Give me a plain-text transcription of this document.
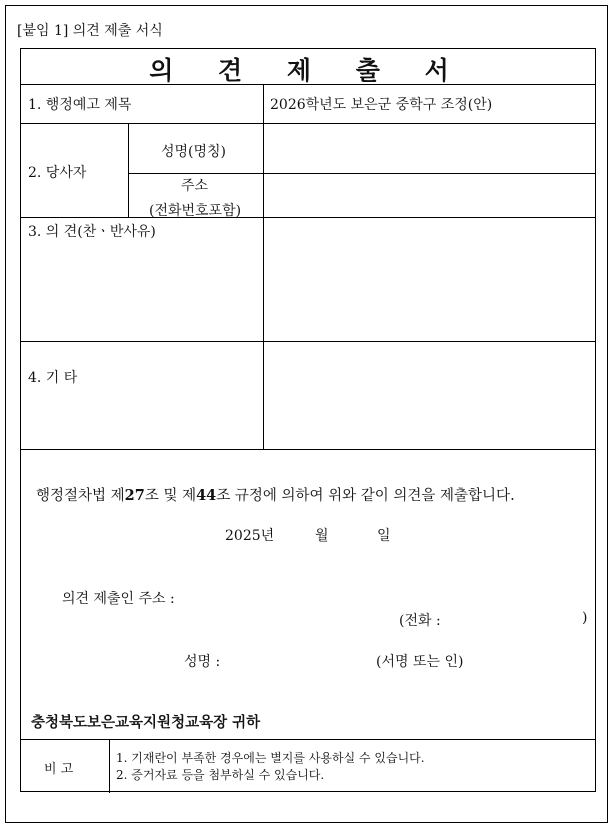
[붙임 1] 의견 제출 서식
의 견 제 출 서
1. 행정예고 제목	2026학년도 보은군 중학구 조정(안)
2. 당사자
성명(명칭)
주소
(전화번호포함)
3. 의 견(찬ㆍ반사유)
4. 기 타
행정절차법 제27조 및 제44조 규정에 의하여 위와 같이 의견을 제출합니다.
2025년	월	일
의견 제출인 주소 :
(전화 :	)
성명 :	(서명 또는 인)
충청북도보은교육지원청교육장 귀하
비 고
1. 기재란이 부족한 경우에는 별지를 사용하실 수 있습니다.
2. 증거자료 등을 첨부하실 수 있습니다.
